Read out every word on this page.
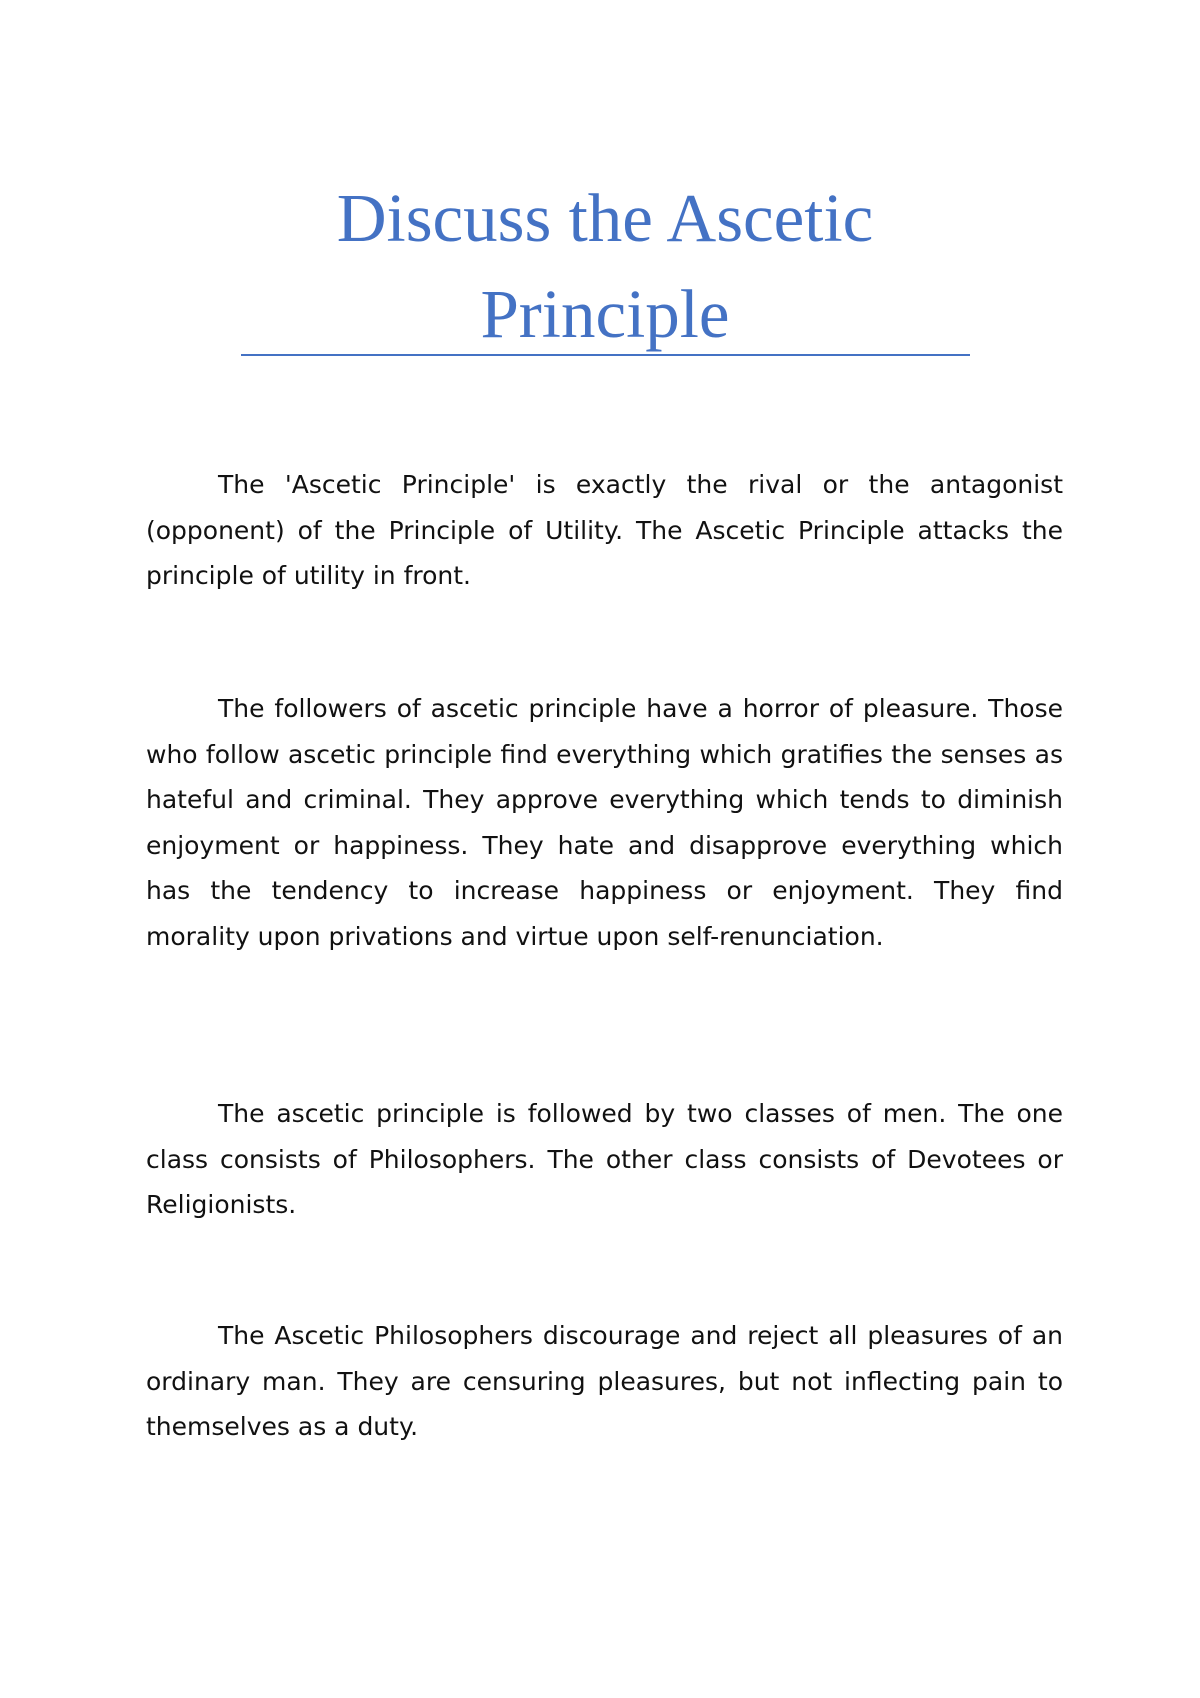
Discuss the Ascetic
Principle

The 'Ascetic Principle' is exactly the rival or the antagonist (opponent) of the Principle of Utility. The Ascetic Principle attacks the principle of utility in front.

The followers of ascetic principle have a horror of pleasure. Those who follow ascetic principle find everything which gratifies the senses as hateful and criminal. They approve everything which tends to diminish enjoyment or happiness. They hate and disapprove everything which has the tendency to increase happiness or enjoyment. They find morality upon privations and virtue upon self-renunciation.

The ascetic principle is followed by two classes of men. The one class consists of Philosophers. The other class consists of Devotees or Religionists.

The Ascetic Philosophers discourage and reject all pleasures of an ordinary man. They are censuring pleasures, but not inflecting pain to themselves as a duty.
